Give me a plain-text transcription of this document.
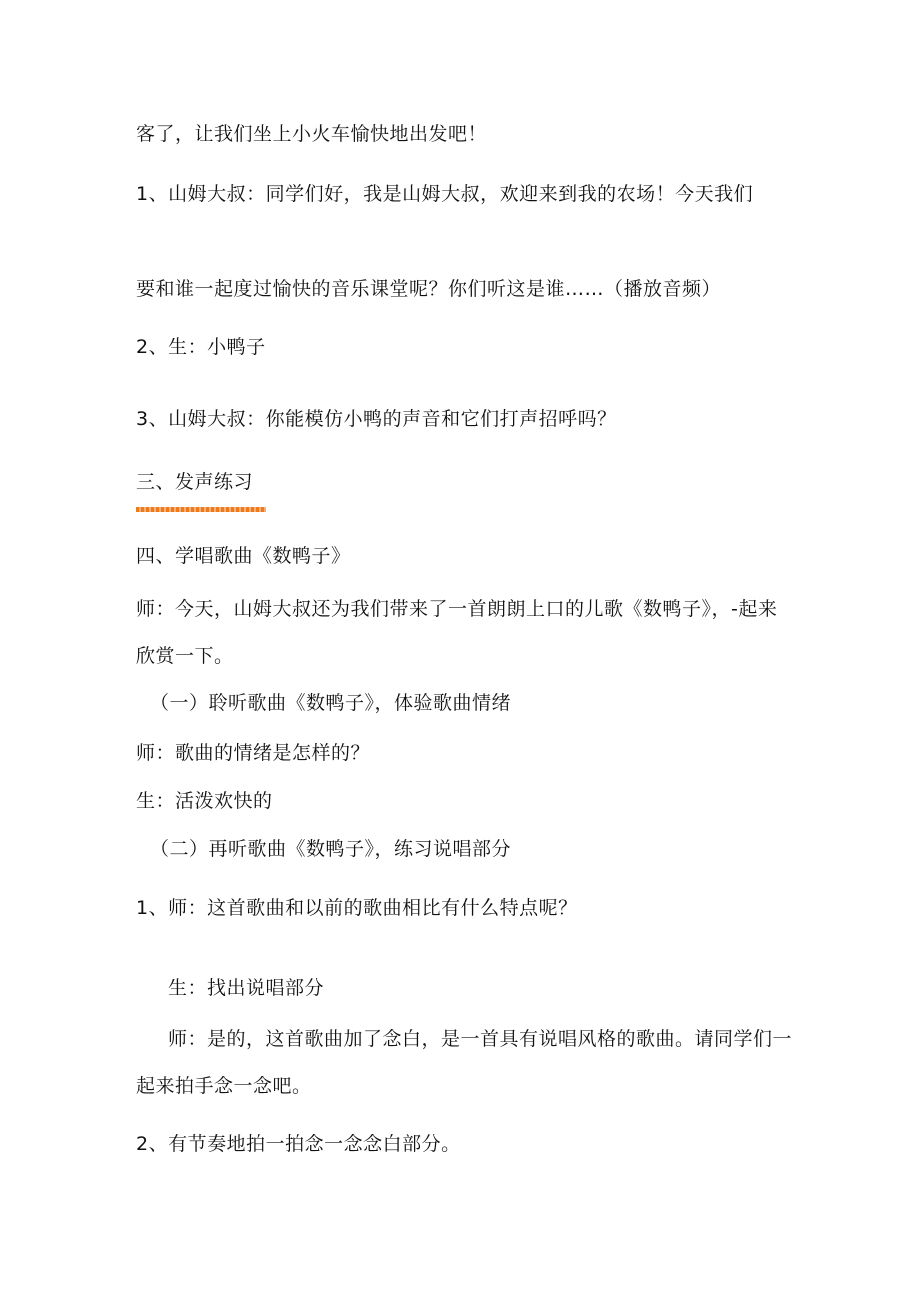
客了，让我们坐上小火车愉快地出发吧！
1、山姆大叔：同学们好，我是山姆大叔，欢迎来到我的农场！今天我们
要和谁一起度过愉快的音乐课堂呢？你们听这是谁……（播放音频）
2、生：小鸭子
3、山姆大叔：你能模仿小鸭的声音和它们打声招呼吗？
三、发声练习
四、学唱歌曲《数鸭子》
师：今天，山姆大叔还为我们带来了一首朗朗上口的儿歌《数鸭子》，-起来
欣赏一下。
（一）聆听歌曲《数鸭子》，体验歌曲情绪
师：歌曲的情绪是怎样的？
生：活泼欢快的
（二）再听歌曲《数鸭子》，练习说唱部分
1、师：这首歌曲和以前的歌曲相比有什么特点呢？
生：找出说唱部分
师：是的，这首歌曲加了念白，是一首具有说唱风格的歌曲。请同学们一
起来拍手念一念吧。
2、有节奏地拍一拍念一念念白部分。
